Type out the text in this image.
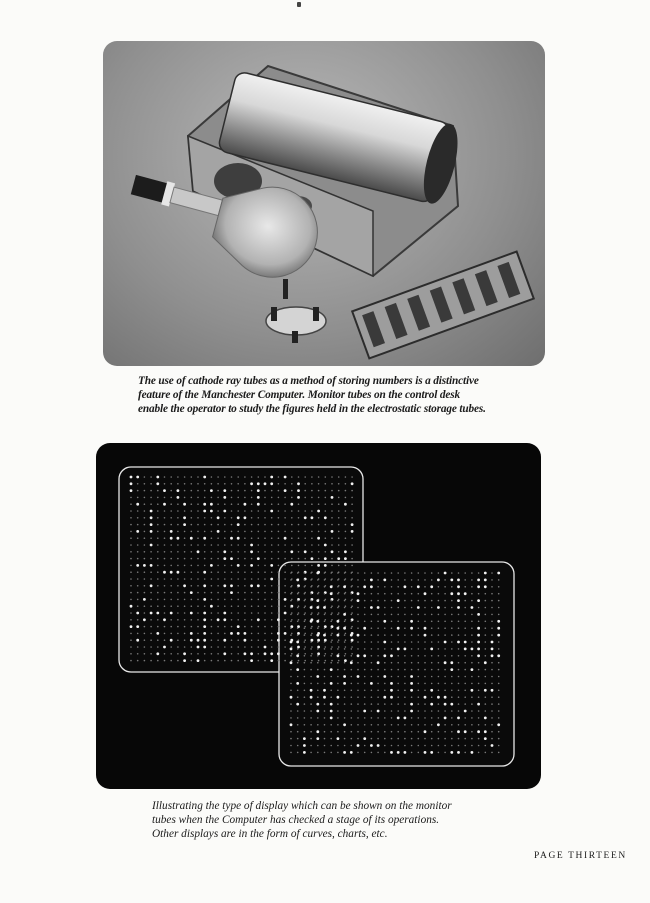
The use of cathode ray tubes as a method of storing numbers is a distinctive
feature of the Manchester Computer. Monitor tubes on the control desk
enable the operator to study the figures held in the electrostatic storage tubes.
Illustrating the type of display which can be shown on the monitor
tubes when the Computer has checked a stage of its operations.
Other displays are in the form of curves, charts, etc.
PAGE THIRTEEN
